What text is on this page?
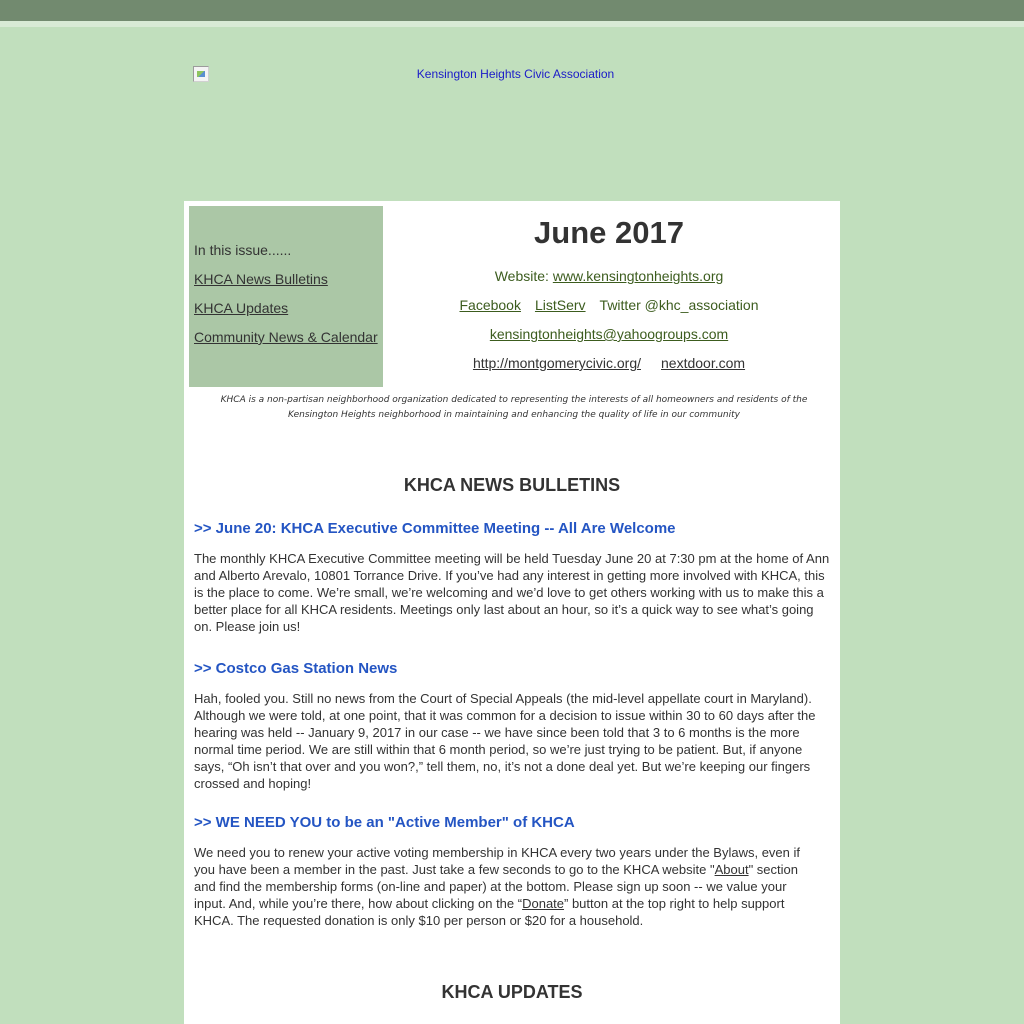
Kensington Heights Civic Association
In this issue......
KHCA News Bulletins
KHCA Updates
Community News & Calendar
June 2017
Website: www.kensingtonheights.org
Facebook ListServ Twitter @khc_association
kensingtonheights@yahoogroups.com
http://montgomerycivic.org/ nextdoor.com
KHCA is a non-partisan neighborhood organization dedicated to representing the interests of all homeowners and residents of the Kensington Heights neighborhood in maintaining and enhancing the quality of life in our community
KHCA NEWS BULLETINS
>> June 20: KHCA Executive Committee Meeting -- All Are Welcome
The monthly KHCA Executive Committee meeting will be held Tuesday June 20 at 7:30 pm at the home of Ann and Alberto Arevalo, 10801 Torrance Drive. If you’ve had any interest in getting more involved with KHCA, this is the place to come. We’re small, we’re welcoming and we’d love to get others working with us to make this a better place for all KHCA residents. Meetings only last about an hour, so it’s a quick way to see what’s going on. Please join us!
>> Costco Gas Station News
Hah, fooled you. Still no news from the Court of Special Appeals (the mid-level appellate court in Maryland). Although we were told, at one point, that it was common for a decision to issue within 30 to 60 days after the hearing was held -- January 9, 2017 in our case -- we have since been told that 3 to 6 months is the more normal time period. We are still within that 6 month period, so we’re just trying to be patient. But, if anyone says, “Oh isn’t that over and you won?,” tell them, no, it’s not a done deal yet. But we’re keeping our fingers crossed and hoping!
>> WE NEED YOU to be an "Active Member" of KHCA
We need you to renew your active voting membership in KHCA every two years under the Bylaws, even if you have been a member in the past. Just take a few seconds to go to the KHCA website "About" section and find the membership forms (on-line and paper) at the bottom. Please sign up soon -- we value your input. And, while you’re there, how about clicking on the “Donate” button at the top right to help support KHCA. The requested donation is only $10 per person or $20 for a household.
KHCA UPDATES
